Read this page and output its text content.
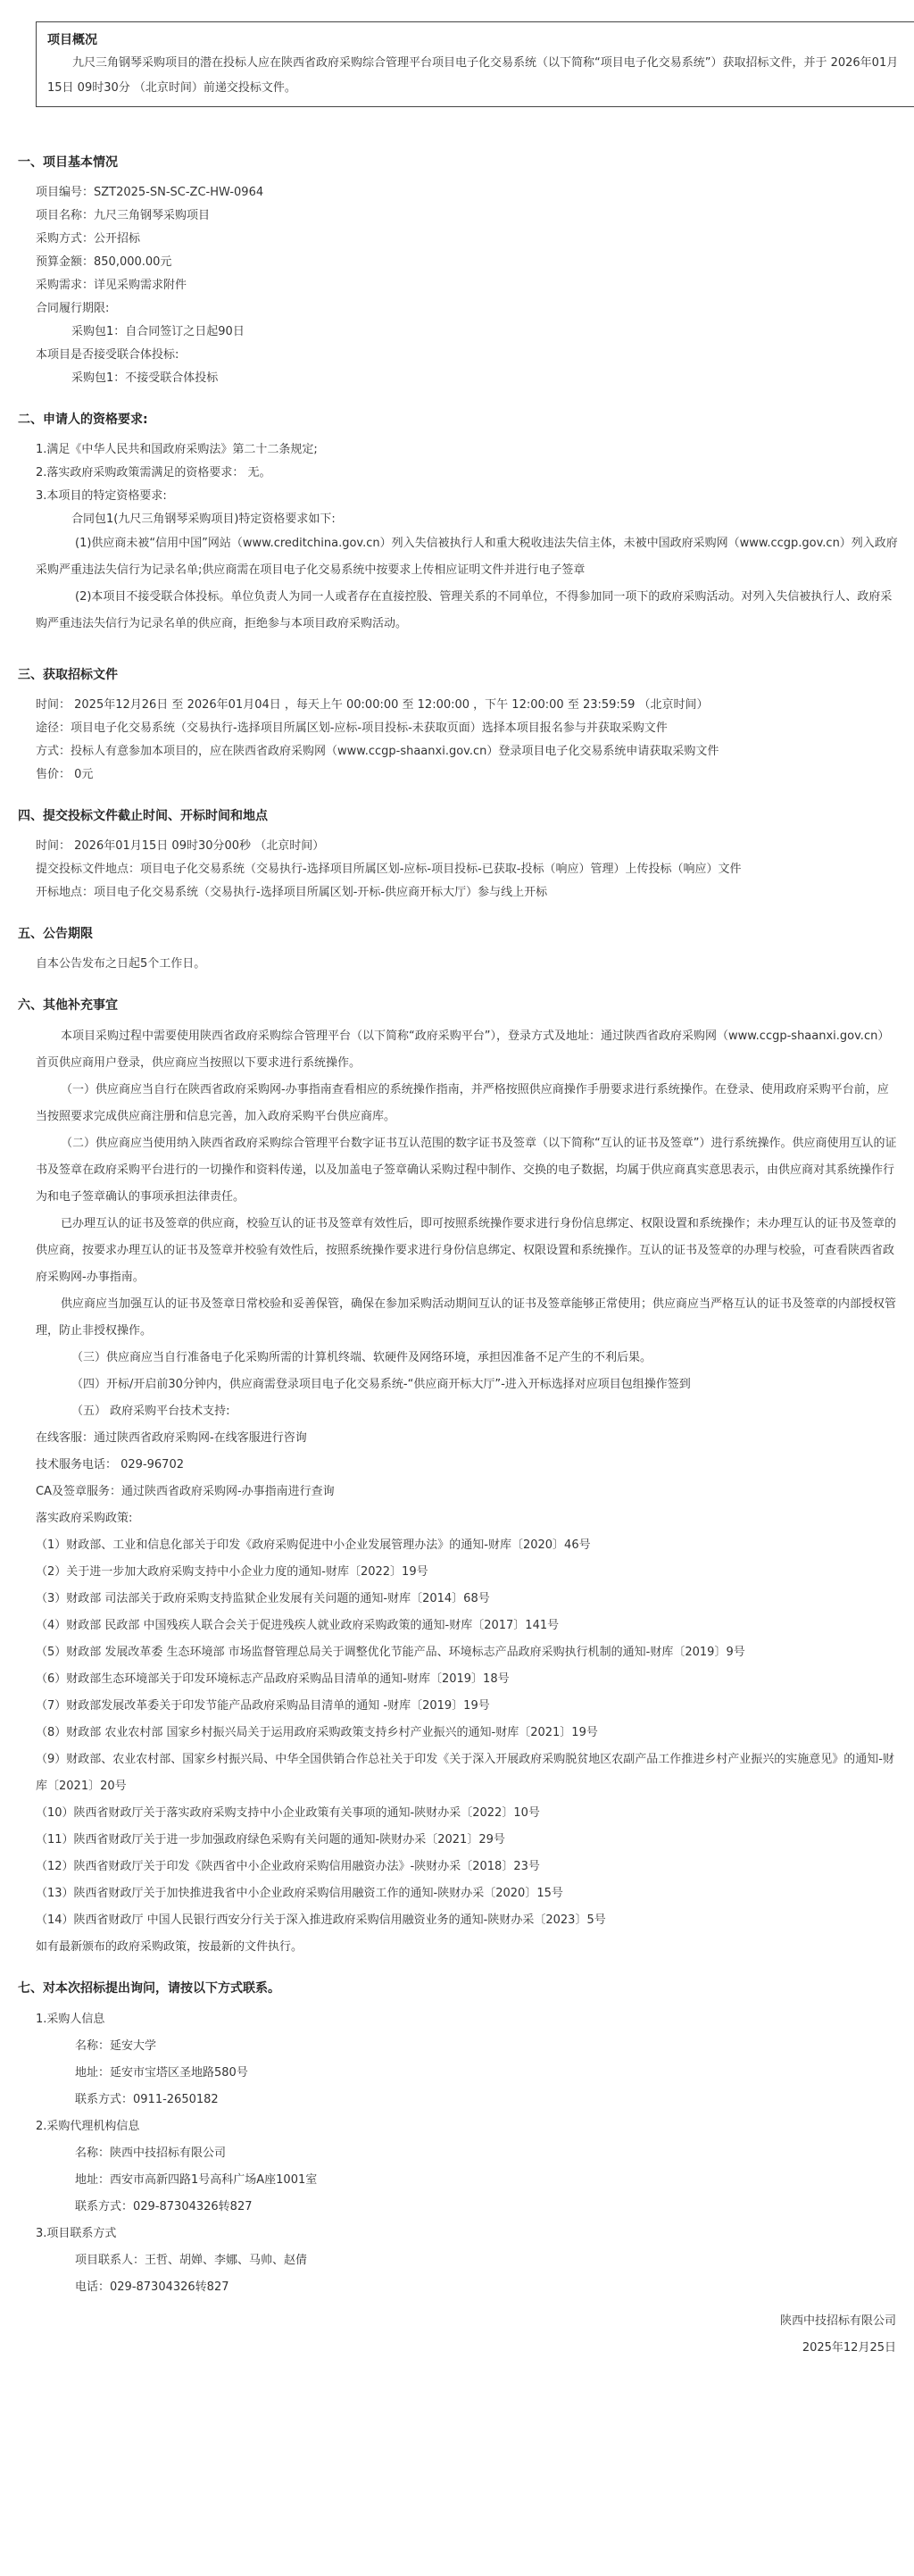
项目概况
九尺三角钢琴采购项目的潜在投标人应在陕西省政府采购综合管理平台项目电子化交易系统（以下简称“项目电子化交易系统”）获取招标文件，并于 2026年01月15日 09时30分 （北京时间）前递交投标文件。
一、项目基本情况
项目编号：SZT2025-SN-SC-ZC-HW-0964
项目名称：九尺三角钢琴采购项目
采购方式：公开招标
预算金额：850,000.00元
采购需求：详见采购需求附件
合同履行期限:
采购包1：自合同签订之日起90日
本项目是否接受联合体投标:
采购包1：不接受联合体投标
二、申请人的资格要求:
1.满足《中华人民共和国政府采购法》第二十二条规定;
2.落实政府采购政策需满足的资格要求： 无。
3.本项目的特定资格要求:
合同包1(九尺三角钢琴采购项目)特定资格要求如下:
(1)供应商未被“信用中国”网站（www.creditchina.gov.cn）列入失信被执行人和重大税收违法失信主体，未被中国政府采购网（www.ccgp.gov.cn）列入政府采购严重违法失信行为记录名单;供应商需在项目电子化交易系统中按要求上传相应证明文件并进行电子签章
(2)本项目不接受联合体投标。单位负责人为同一人或者存在直接控股、管理关系的不同单位，不得参加同一项下的政府采购活动。对列入失信被执行人、政府采购严重违法失信行为记录名单的供应商，拒绝参与本项目政府采购活动。
三、获取招标文件
时间： 2025年12月26日 至 2026年01月04日 ，每天上午 00:00:00 至 12:00:00 ，下午 12:00:00 至 23:59:59 （北京时间）
途径：项目电子化交易系统（交易执行-选择项目所属区划-应标-项目投标-未获取页面）选择本项目报名参与并获取采购文件
方式：投标人有意参加本项目的，应在陕西省政府采购网（www.ccgp-shaanxi.gov.cn）登录项目电子化交易系统申请获取采购文件
售价： 0元
四、提交投标文件截止时间、开标时间和地点
时间： 2026年01月15日 09时30分00秒 （北京时间）
提交投标文件地点：项目电子化交易系统（交易执行-选择项目所属区划-应标-项目投标-已获取-投标（响应）管理）上传投标（响应）文件
开标地点：项目电子化交易系统（交易执行-选择项目所属区划-开标-供应商开标大厅）参与线上开标
五、公告期限
自本公告发布之日起5个工作日。
六、其他补充事宜
本项目采购过程中需要使用陕西省政府采购综合管理平台（以下简称“政府采购平台”），登录方式及地址：通过陕西省政府采购网（www.ccgp-shaanxi.gov.cn）首页供应商用户登录，供应商应当按照以下要求进行系统操作。
（一）供应商应当自行在陕西省政府采购网-办事指南查看相应的系统操作指南，并严格按照供应商操作手册要求进行系统操作。在登录、使用政府采购平台前，应当按照要求完成供应商注册和信息完善，加入政府采购平台供应商库。
（二）供应商应当使用纳入陕西省政府采购综合管理平台数字证书互认范围的数字证书及签章（以下简称“互认的证书及签章”）进行系统操作。供应商使用互认的证书及签章在政府采购平台进行的一切操作和资料传递，以及加盖电子签章确认采购过程中制作、交换的电子数据，均属于供应商真实意思表示，由供应商对其系统操作行为和电子签章确认的事项承担法律责任。
已办理互认的证书及签章的供应商，校验互认的证书及签章有效性后，即可按照系统操作要求进行身份信息绑定、权限设置和系统操作；未办理互认的证书及签章的供应商，按要求办理互认的证书及签章并校验有效性后，按照系统操作要求进行身份信息绑定、权限设置和系统操作。互认的证书及签章的办理与校验，可查看陕西省政府采购网-办事指南。
供应商应当加强互认的证书及签章日常校验和妥善保管，确保在参加采购活动期间互认的证书及签章能够正常使用；供应商应当严格互认的证书及签章的内部授权管理，防止非授权操作。
（三）供应商应当自行准备电子化采购所需的计算机终端、软硬件及网络环境，承担因准备不足产生的不利后果。
（四）开标/开启前30分钟内，供应商需登录项目电子化交易系统-“供应商开标大厅”-进入开标选择对应项目包组操作签到
（五） 政府采购平台技术支持:
在线客服：通过陕西省政府采购网-在线客服进行咨询
技术服务电话： 029-96702
CA及签章服务：通过陕西省政府采购网-办事指南进行查询
落实政府采购政策:
（1）财政部、工业和信息化部关于印发《政府采购促进中小企业发展管理办法》的通知-财库〔2020〕46号
（2）关于进一步加大政府采购支持中小企业力度的通知-财库〔2022〕19号
（3）财政部 司法部关于政府采购支持监狱企业发展有关问题的通知-财库〔2014〕68号
（4）财政部 民政部 中国残疾人联合会关于促进残疾人就业政府采购政策的通知-财库〔2017〕141号
（5）财政部 发展改革委 生态环境部 市场监督管理总局关于调整优化节能产品、环境标志产品政府采购执行机制的通知-财库〔2019〕9号
（6）财政部生态环境部关于印发环境标志产品政府采购品目清单的通知-财库〔2019〕18号
（7）财政部发展改革委关于印发节能产品政府采购品目清单的通知 -财库〔2019〕19号
（8）财政部 农业农村部 国家乡村振兴局关于运用政府采购政策支持乡村产业振兴的通知-财库〔2021〕19号
（9）财政部、农业农村部、国家乡村振兴局、中华全国供销合作总社关于印发《关于深入开展政府采购脱贫地区农副产品工作推进乡村产业振兴的实施意见》的通知-财库〔2021〕20号
（10）陕西省财政厅关于落实政府采购支持中小企业政策有关事项的通知-陕财办采〔2022〕10号
（11）陕西省财政厅关于进一步加强政府绿色采购有关问题的通知-陕财办采〔2021〕29号
（12）陕西省财政厅关于印发《陕西省中小企业政府采购信用融资办法》-陕财办采〔2018〕23号
（13）陕西省财政厅关于加快推进我省中小企业政府采购信用融资工作的通知-陕财办采〔2020〕15号
（14）陕西省财政厅 中国人民银行西安分行关于深入推进政府采购信用融资业务的通知-陕财办采〔2023〕5号
如有最新颁布的政府采购政策，按最新的文件执行。
七、对本次招标提出询问，请按以下方式联系。
1.采购人信息
名称：延安大学
地址：延安市宝塔区圣地路580号
联系方式：0911-2650182
2.采购代理机构信息
名称：陕西中技招标有限公司
地址：西安市高新四路1号高科广场A座1001室
联系方式：029-87304326转827
3.项目联系方式
项目联系人：王哲、胡婵、李娜、马帅、赵倩
电话：029-87304326转827
陕西中技招标有限公司
2025年12月25日
